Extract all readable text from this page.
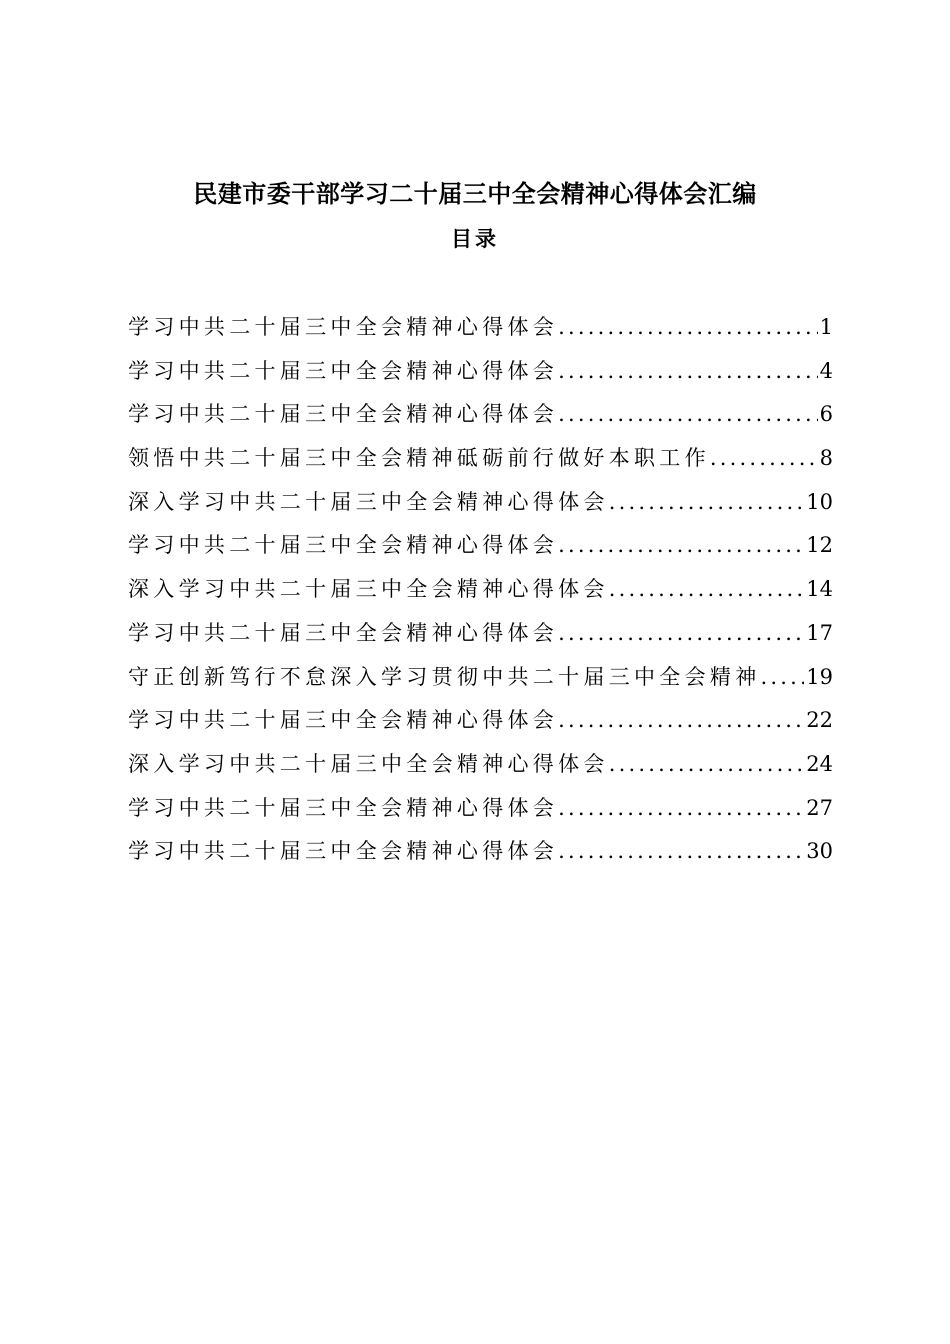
民建市委干部学习二十届三中全会精神心得体会汇编
目录
学习中共二十届三中全会精神心得体会 .....	1
学习中共二十届三中全会精神心得体会 .....	4
学习中共二十届三中全会精神心得体会 .....	6
领悟中共二十届三中全会精神砥砺前行做好本职工作 .....	8
深入学习中共二十届三中全会精神心得体会 .....	10
学习中共二十届三中全会精神心得体会 .....	12
深入学习中共二十届三中全会精神心得体会 .....	14
学习中共二十届三中全会精神心得体会 .....	17
守正创新笃行不怠深入学习贯彻中共二十届三中全会精神 ..... 19
学习中共二十届三中全会精神心得体会 .....	22
深入学习中共二十届三中全会精神心得体会 .....	24
学习中共二十届三中全会精神心得体会 .....	27
学习中共二十届三中全会精神心得体会 .....	30
